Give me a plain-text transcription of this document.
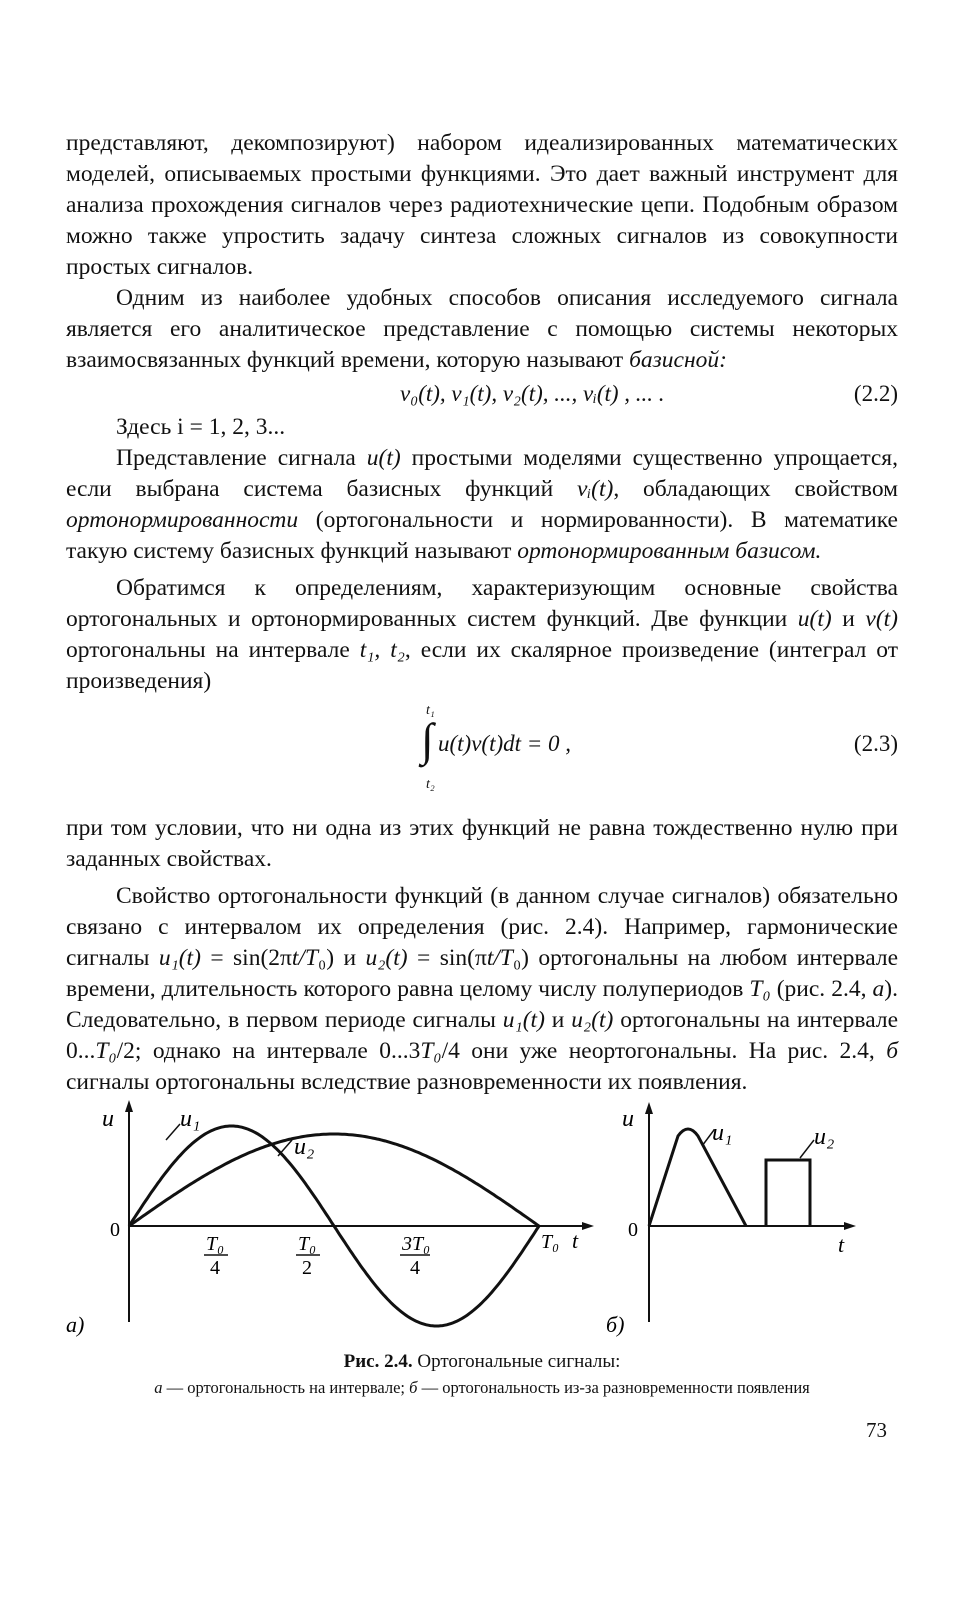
представляют, декомпозируют) набором идеализированных математических моделей, описываемых простыми функциями. Это дает важный инструмент для анализа прохождения сигналов через радиотехнические цепи. Подобным образом можно также упростить задачу синтеза сложных сигналов из совокупности простых сигналов.

Одним из наиболее удобных способов описания исследуемого сигнала является его аналитическое представление с помощью системы некоторых взаимосвязанных функций времени, которую называют базисной:

v₀(t), v₁(t), v₂(t), ..., vᵢ(t) , ... .	(2.2)

Здесь i = 1, 2, 3...

Представление сигнала u(t) простыми моделями существенно упрощается, если выбрана система базисных функций vᵢ(t), обладающих свойством ортонормированности (ортогональности и нормированности). В математике такую систему базисных функций называют ортонормированным базисом.

Обратимся к определениям, характеризующим основные свойства ортогональных и ортонормированных систем функций. Две функции u(t) и v(t) ортогональны на интервале t₁, t₂, если их скалярное произведение (интеграл от произведения)

t₁
∫ u(t)v(t)dt = 0 ,
t₂
(2.3)

при том условии, что ни одна из этих функций не равна тождественно нулю при заданных свойствах.

Свойство ортогональности функций (в данном случае сигналов) обязательно связано с интервалом их определения (рис. 2.4). Например, гармонические сигналы u₁(t) = sin(2πt/T₀) и u₂(t) = sin(πt/T₀) ортогональны на любом интервале времени, длительность которого равна целому числу полупериодов T₀ (рис. 2.4, а). Следовательно, в первом периоде сигналы u₁(t) и u₂(t) ортогональны на интервале 0...T₀/2; однако на интервале 0...3T₀/4 они уже неортогональны. На рис. 2.4, б сигналы ортогональны вследствие разновременности их появления.

u
t
0
u₁
u₂
T₀
4
T₀
2
3T₀
4
T₀
а)
u
t
0
u₁	u₂
б)
Рис. 2.4. Ортогональные сигналы:
а — ортогональность на интервале; б — ортогональность из-за разновременности появления
73
